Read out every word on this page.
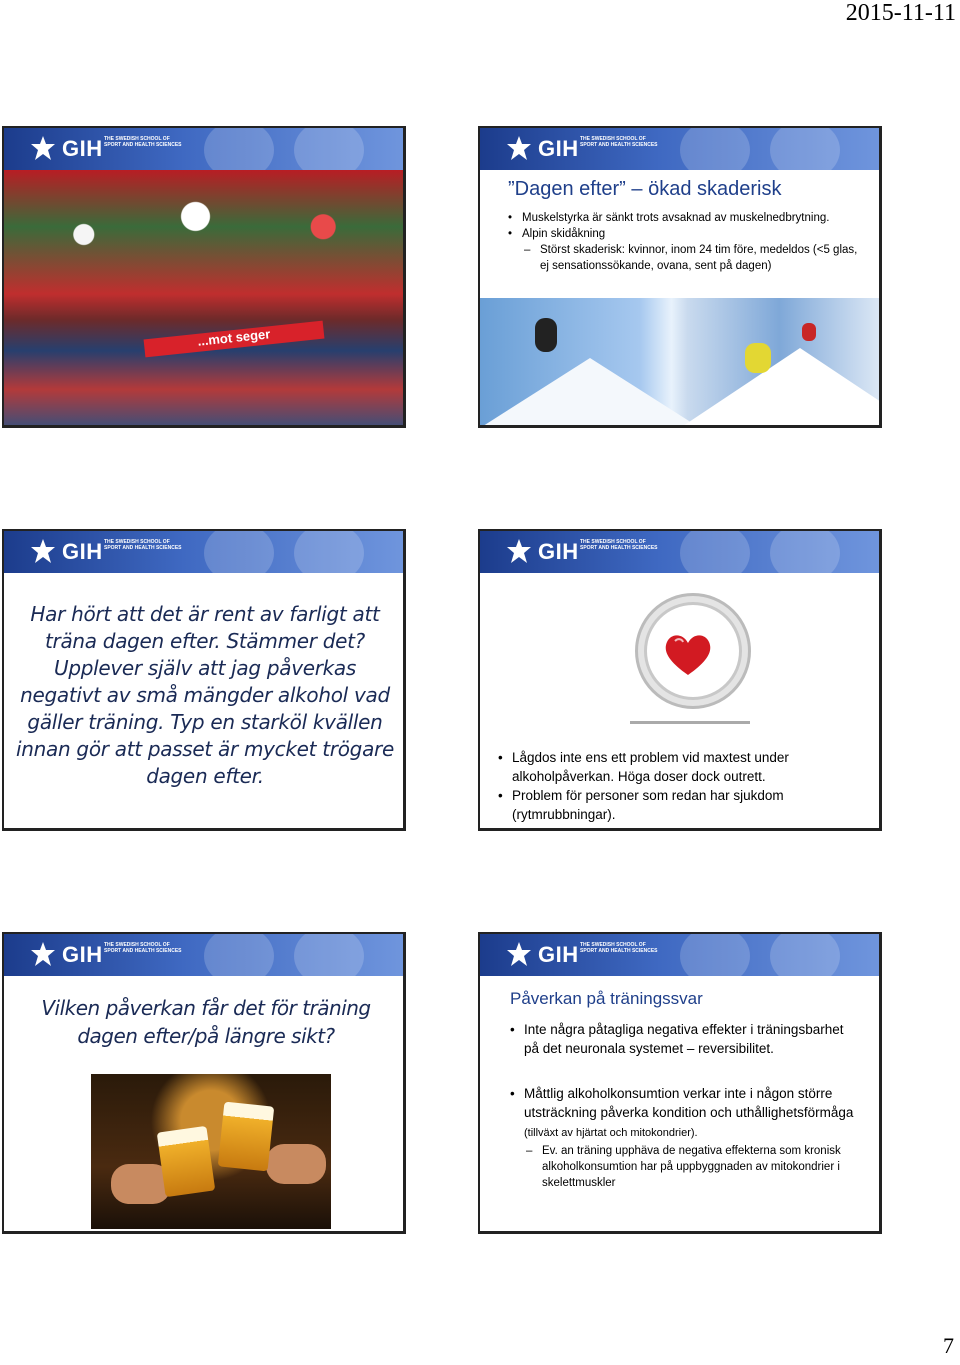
2015-11-11
GIH THE SWEDISH SCHOOL OF SPORT AND HEALTH SCIENCES
...mot seger
GIH THE SWEDISH SCHOOL OF SPORT AND HEALTH SCIENCES
”Dagen efter” – ökad skaderisk
• Muskelstyrka är sänkt trots avsaknad av muskelnedbrytning.
• Alpin skidåkning
– Störst skaderisk: kvinnor, inom 24 tim före, medeldos (<5 glas, ej sensationssökande, ovana, sent på dagen)
GIH THE SWEDISH SCHOOL OF SPORT AND HEALTH SCIENCES
Har hört att det är rent av farligt att träna dagen efter. Stämmer det? Upplever själv att jag påverkas negativt av små mängder alkohol vad gäller träning. Typ en starköl kvällen innan gör att passet är mycket trögare dagen efter.
GIH THE SWEDISH SCHOOL OF SPORT AND HEALTH SCIENCES
• Lågdos inte ens ett problem vid maxtest under alkoholpåverkan. Höga doser dock outrett.
• Problem för personer som redan har sjukdom (rytmrubbningar).
GIH THE SWEDISH SCHOOL OF SPORT AND HEALTH SCIENCES
Vilken påverkan får det för träning dagen efter/på längre sikt?
GIH THE SWEDISH SCHOOL OF SPORT AND HEALTH SCIENCES
Påverkan på träningssvar
• Inte några påtagliga negativa effekter i träningsbarhet på det neuronala systemet – reversibilitet.
• Måttlig alkoholkonsumtion verkar inte i någon större utsträckning påverka kondition och uthållighetsförmåga (tillväxt av hjärtat och mitokondrier).
– Ev. an träning upphäva de negativa effekterna som kronisk alkoholkonsumtion har på uppbyggnaden av mitokondrier i skelettmuskler
7
